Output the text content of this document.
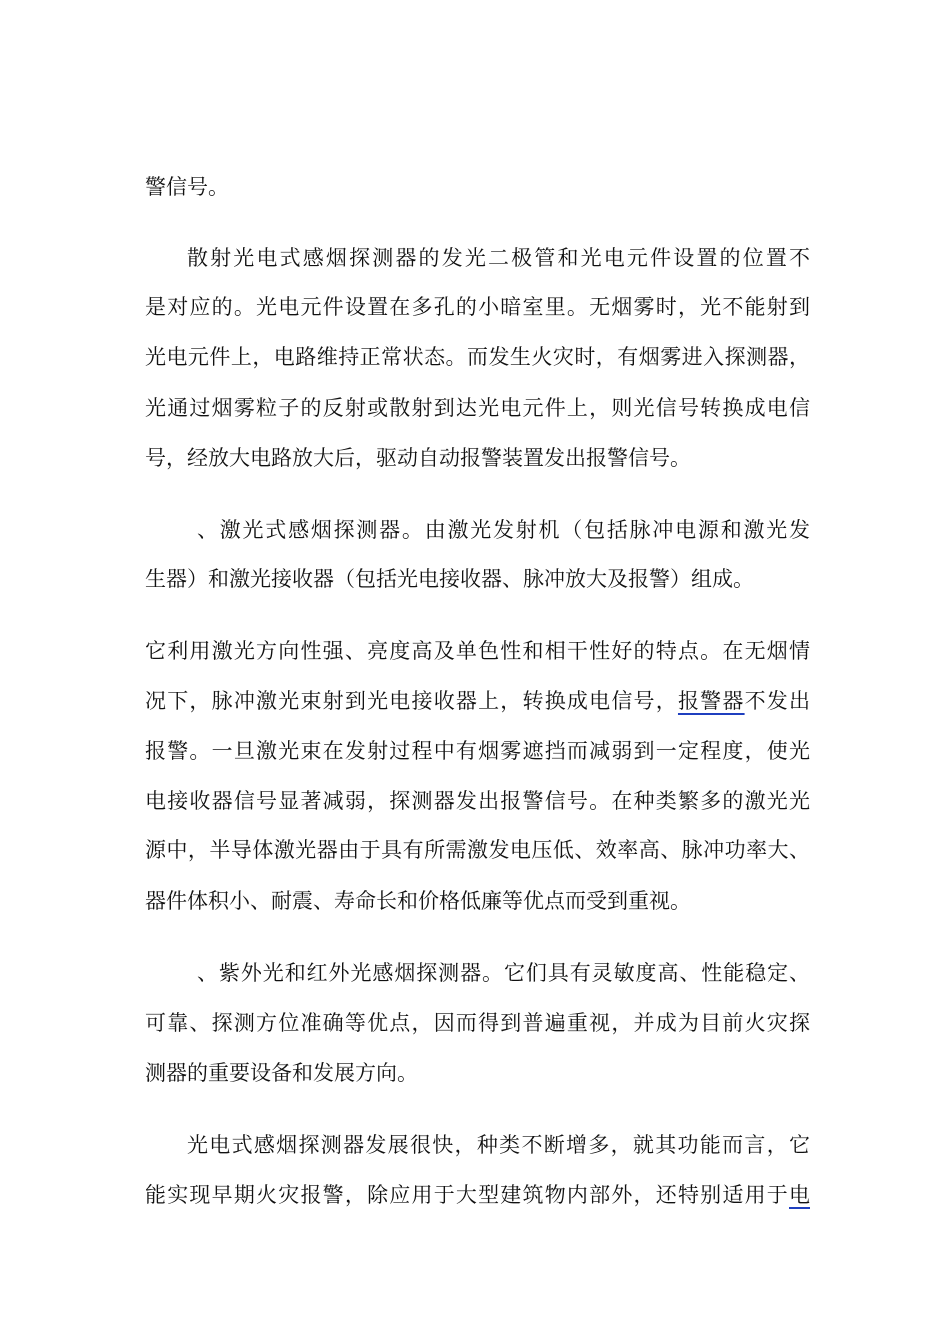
警信号。
散射光电式感烟探测器的发光二极管和光电元件设置的位置不
是对应的。光电元件设置在多孔的小暗室里。无烟雾时，光不能射到
光电元件上，电路维持正常状态。而发生火灾时，有烟雾进入探测器，
光通过烟雾粒子的反射或散射到达光电元件上，则光信号转换成电信
号，经放大电路放大后，驱动自动报警装置发出报警信号。
、激光式感烟探测器。由激光发射机（包括脉冲电源和激光发
生器）和激光接收器（包括光电接收器、脉冲放大及报警）组成。
它利用激光方向性强、亮度高及单色性和相干性好的特点。在无烟情
况下，脉冲激光束射到光电接收器上，转换成电信号，报警器不发出
报警。一旦激光束在发射过程中有烟雾遮挡而减弱到一定程度，使光
电接收器信号显著减弱，探测器发出报警信号。在种类繁多的激光光
源中，半导体激光器由于具有所需激发电压低、效率高、脉冲功率大、
器件体积小、耐震、寿命长和价格低廉等优点而受到重视。
、紫外光和红外光感烟探测器。它们具有灵敏度高、性能稳定、
可靠、探测方位准确等优点，因而得到普遍重视，并成为目前火灾探
测器的重要设备和发展方向。
光电式感烟探测器发展很快，种类不断增多，就其功能而言，它
能实现早期火灾报警，除应用于大型建筑物内部外，还特别适用于电
